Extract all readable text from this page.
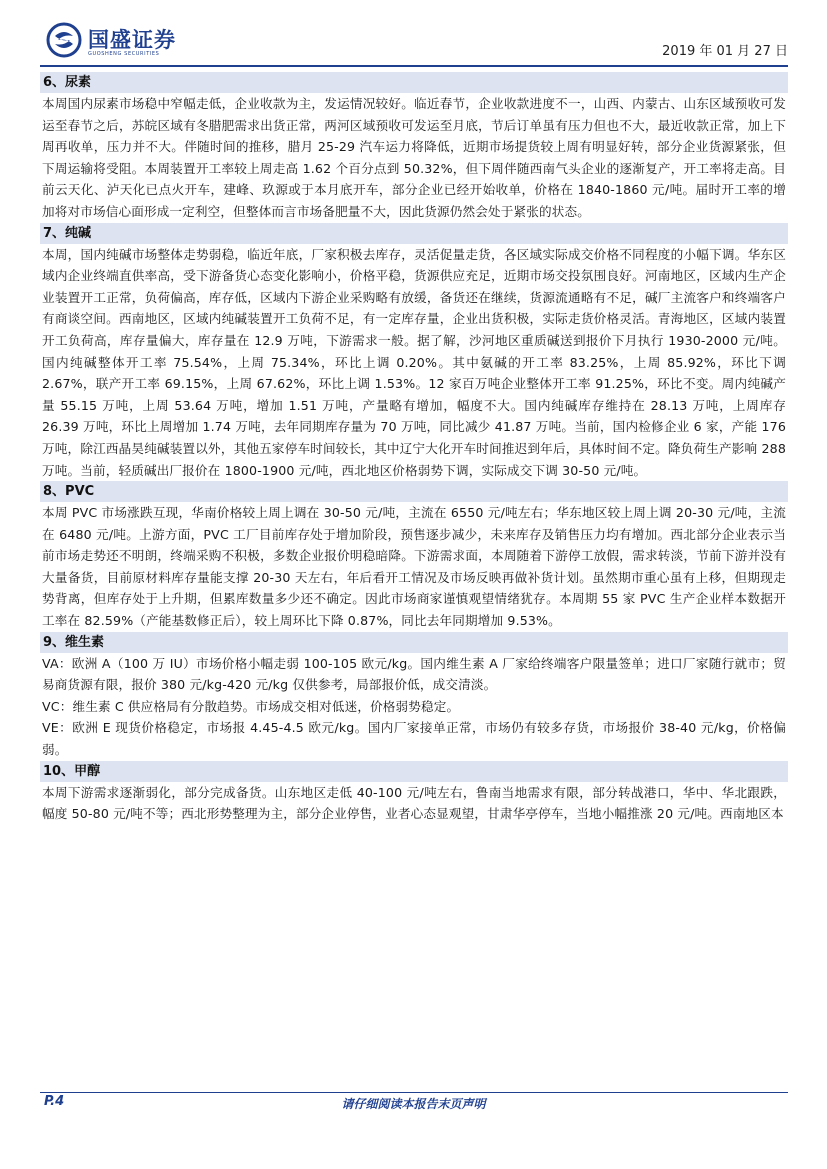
国盛证券
GUOSHENG SECURITIES	2019 年 01 月 27 日
6、尿素

本周国内尿素市场稳中窄幅走低，企业收款为主，发运情况较好。临近春节，企业收款进度不一，山西、内蒙古、山东区域预收可发运至春节之后，苏皖区域有冬腊肥需求出货正常，两河区域预收可发运至月底，节后订单虽有压力但也不大，最近收款正常，加上下周再收单，压力并不大。伴随时间的推移，腊月 25-29 汽车运力将降低，近期市场提货较上周有明显好转，部分企业货源紧张，但下周运输将受阻。本周装置开工率较上周走高 1.62 个百分点到 50.32%，但下周伴随西南气头企业的逐渐复产，开工率将走高。目前云天化、泸天化已点火开车，建峰、玖源或于本月底开车，部分企业已经开始收单，价格在 1840-1860 元/吨。届时开工率的增加将对市场信心面形成一定利空，但整体而言市场备肥量不大，因此货源仍然会处于紧张的状态。

7、纯碱

本周，国内纯碱市场整体走势弱稳，临近年底，厂家积极去库存，灵活促量走货，各区域实际成交价格不同程度的小幅下调。华东区域内企业终端直供率高，受下游备货心态变化影响小，价格平稳，货源供应充足，近期市场交投氛围良好。河南地区，区域内生产企业装置开工正常，负荷偏高，库存低，区域内下游企业采购略有放缓，备货还在继续，货源流通略有不足，碱厂主流客户和终端客户有商谈空间。西南地区，区域内纯碱装置开工负荷不足，有一定库存量，企业出货积极，实际走货价格灵活。青海地区，区域内装置开工负荷高，库存量偏大，库存量在 12.9 万吨，下游需求一般。据了解，沙河地区重质碱送到报价下月执行 1930-2000 元/吨。国内纯碱整体开工率 75.54%，上周 75.34%，环比上调 0.20%。其中氨碱的开工率 83.25%，上周 85.92%，环比下调 2.67%，联产开工率 69.15%，上周 67.62%，环比上调 1.53%。12 家百万吨企业整体开工率 91.25%，环比不变。周内纯碱产量 55.15 万吨，上周 53.64 万吨，增加 1.51 万吨，产量略有增加，幅度不大。国内纯碱库存维持在 28.13 万吨，上周库存 26.39 万吨，环比上周增加 1.74 万吨，去年同期库存量为 70 万吨，同比减少 41.87 万吨。当前，国内检修企业 6 家，产能 176 万吨，除江西晶昊纯碱装置以外，其他五家停车时间较长，其中辽宁大化开车时间推迟到年后，具体时间不定。降负荷生产影响 288 万吨。当前，轻质碱出厂报价在 1800-1900 元/吨，西北地区价格弱势下调，实际成交下调 30-50 元/吨。

8、PVC

本周 PVC 市场涨跌互现，华南价格较上周上调在 30-50 元/吨，主流在 6550 元/吨左右；华东地区较上周上调 20-30 元/吨，主流在 6480 元/吨。上游方面，PVC 工厂目前库存处于增加阶段，预售逐步减少，未来库存及销售压力均有增加。西北部分企业表示当前市场走势还不明朗，终端采购不积极，多数企业报价明稳暗降。下游需求面，本周随着下游停工放假，需求转淡，节前下游并没有大量备货，目前原材料库存量能支撑 20-30 天左右，年后看开工情况及市场反映再做补货计划。虽然期市重心虽有上移，但期现走势背离，但库存处于上升期，但累库数量多少还不确定。因此市场商家谨慎观望情绪犹存。本周期 55 家 PVC 生产企业样本数据开工率在 82.59%（产能基数修正后），较上周环比下降 0.87%，同比去年同期增加 9.53%。

9、维生素

VA：欧洲 A（100 万 IU）市场价格小幅走弱 100-105 欧元/kg。国内维生素 A 厂家给终端客户限量签单；进口厂家随行就市；贸易商货源有限，报价 380 元/kg-420 元/kg 仅供参考，局部报价低，成交清淡。

VC：维生素 C 供应格局有分散趋势。市场成交相对低迷，价格弱势稳定。

VE：欧洲 E 现货价格稳定，市场报 4.45-4.5 欧元/kg。国内厂家接单正常，市场仍有较多存货，市场报价 38-40 元/kg，价格偏弱。

10、甲醇

本周下游需求逐渐弱化，部分完成备货。山东地区走低 40-100 元/吨左右，鲁南当地需求有限，部分转战港口，华中、华北跟跌，幅度 50-80 元/吨不等；西北形势整理为主，部分企业停售，业者心态显观望，甘肃华亭停车，当地小幅推涨 20 元/吨。西南地区本

P.4	请仔细阅读本报告末页声明
